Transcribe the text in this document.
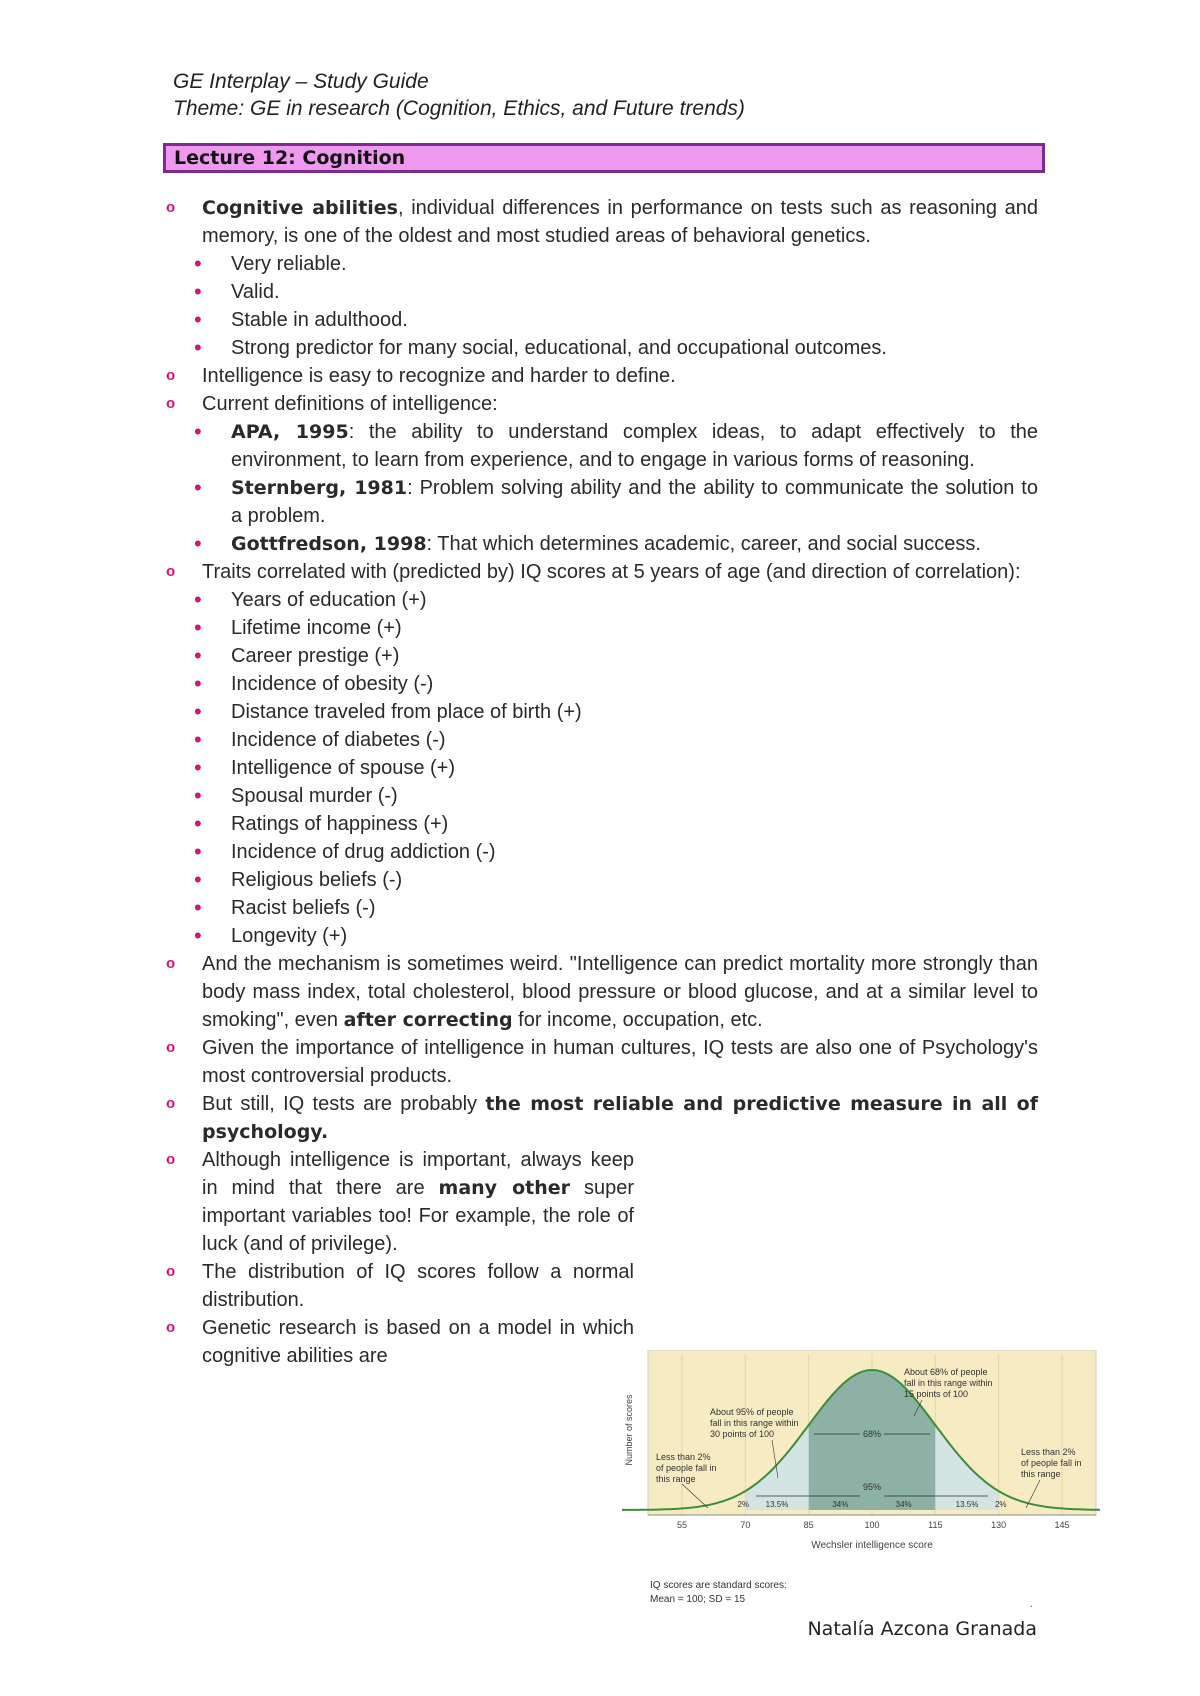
GE Interplay – Study Guide
Theme: GE in research (Cognition, Ethics, and Future trends)
Lecture 12: Cognition
o Cognitive abilities, individual differences in performance on tests such as reasoning and memory, is one of the oldest and most studied areas of behavioral genetics.
• Very reliable.
• Valid.
• Stable in adulthood.
• Strong predictor for many social, educational, and occupational outcomes.
o Intelligence is easy to recognize and harder to define.
o Current definitions of intelligence:
• APA, 1995: the ability to understand complex ideas, to adapt effectively to the environment, to learn from experience, and to engage in various forms of reasoning.
• Sternberg, 1981: Problem solving ability and the ability to communicate the solution to a problem.
• Gottfredson, 1998: That which determines academic, career, and social success.
o Traits correlated with (predicted by) IQ scores at 5 years of age (and direction of correlation):
• Years of education (+)
• Lifetime income (+)
• Career prestige (+)
• Incidence of obesity (-)
• Distance traveled from place of birth (+)
• Incidence of diabetes (-)
• Intelligence of spouse (+)
• Spousal murder (-)
• Ratings of happiness (+)
• Incidence of drug addiction (-)
• Religious beliefs (-)
• Racist beliefs (-)
• Longevity (+)
o And the mechanism is sometimes weird. "Intelligence can predict mortality more strongly than body mass index, total cholesterol, blood pressure or blood glucose, and at a similar level to smoking", even after correcting for income, occupation, etc.
o Given the importance of intelligence in human cultures, IQ tests are also one of Psychology's most controversial products.
o But still, IQ tests are probably the most reliable and predictive measure in all of psychology.
o Although intelligence is important, always keep in mind that there are many other super important variables too! For example, the role of luck (and of privilege).
o The distribution of IQ scores follow a normal distribution.
o Genetic research is based on a model in which cognitive abilities are
55	70	85	100	115	130	145
2% 13.5%	34%	34%	13.5% 2%
Number of scores
Wechsler intelligence score
About 68% of people
fall in this range within
15 points of 100
About 95% of people
fall in this range within
30 points of 100
Less than 2%
of people fall in
this range
Less than 2%
of people fall in
this range
68%
95%
IQ scores are standard scores:
Mean = 100; SD = 15	.
Natalía Azcona Granada
